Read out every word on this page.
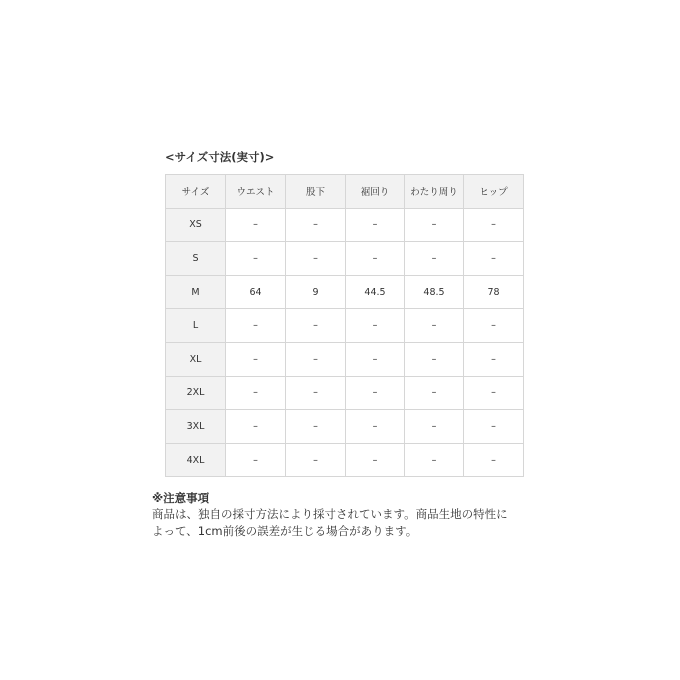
<サイズ寸法(実寸)>
サイズ	ウエスト	股下	裾回り	わたり周り	ヒップ
XS	–	–	–	–	–
S	–	–	–	–	–
M	64	9	44.5	48.5	78
L	–	–	–	–	–
XL	–	–	–	–	–
2XL	–	–	–	–	–
3XL	–	–	–	–	–
4XL	–	–	–	–	–
※注意事項
商品は、独自の採寸方法により採寸されています。商品生地の特性に
よって、1cm前後の誤差が生じる場合があります。
